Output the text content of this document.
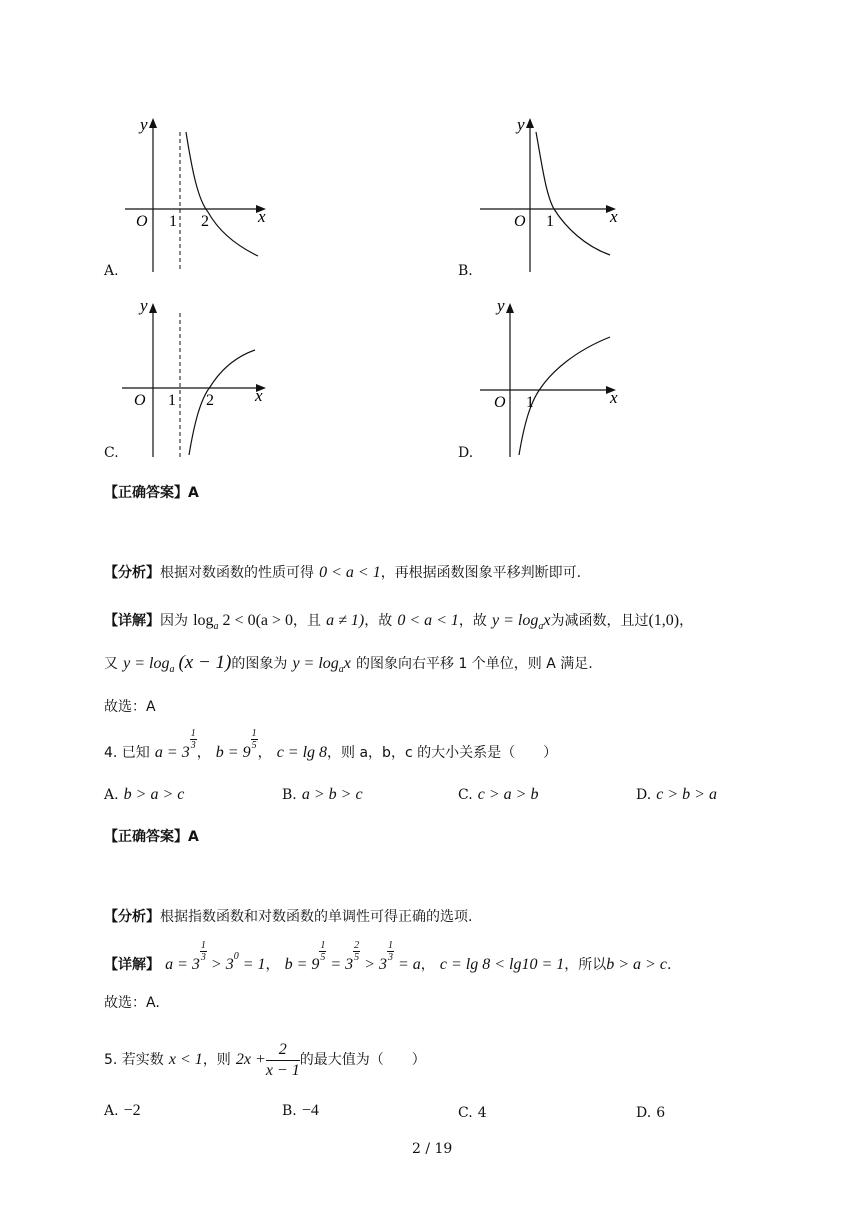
y
x
O 1 2
A.
y
x
O 1
B.
y
x
O 1 2
C.
y
x
O 1
D.
【正确答案】A
【分析】根据对数函数的性质可得 0 < a < 1，再根据函数图象平移判断即可.
【详解】因为 $\log_a 2 < 0(a > 0$，且 a ≠ 1)，故 0 < a < 1，故 $y = \log_ax$为减函数，且过(1,0)，
又 $y = \log_a (x - 1)$的图象为 $y = \log_ax$ 的图象向右平移 1 个单位，则 A 满足.
故选：A
4. 已知 a = 3
$\frac{1}{3}$
， b = 9
$\frac{1}{5}$
， c = lg 8，则 a，b，c 的大小关系是（　　）
A. b > a > c	B. a > b > c	C. c > a > b	D. c > b > a
【正确答案】A
【分析】根据指数函数和对数函数的单调性可得正确的选项.
【详解】 a = 3
$\frac{1}{3}$
> $3^0 = 1$， b = 9
$\frac{1}{5}$
= 3
$\frac{2}{5}$
> 3
$\frac{1}{3}$
= a， c = lg 8 < lg10 = 1，所以b > a > c.
故选：A.
5. 若实数 x < 1，则 $2x + \frac{2}{x - 1}$的最大值为（　　）
A. −2	B. −4	C. 4	D. 6
2 / 19
